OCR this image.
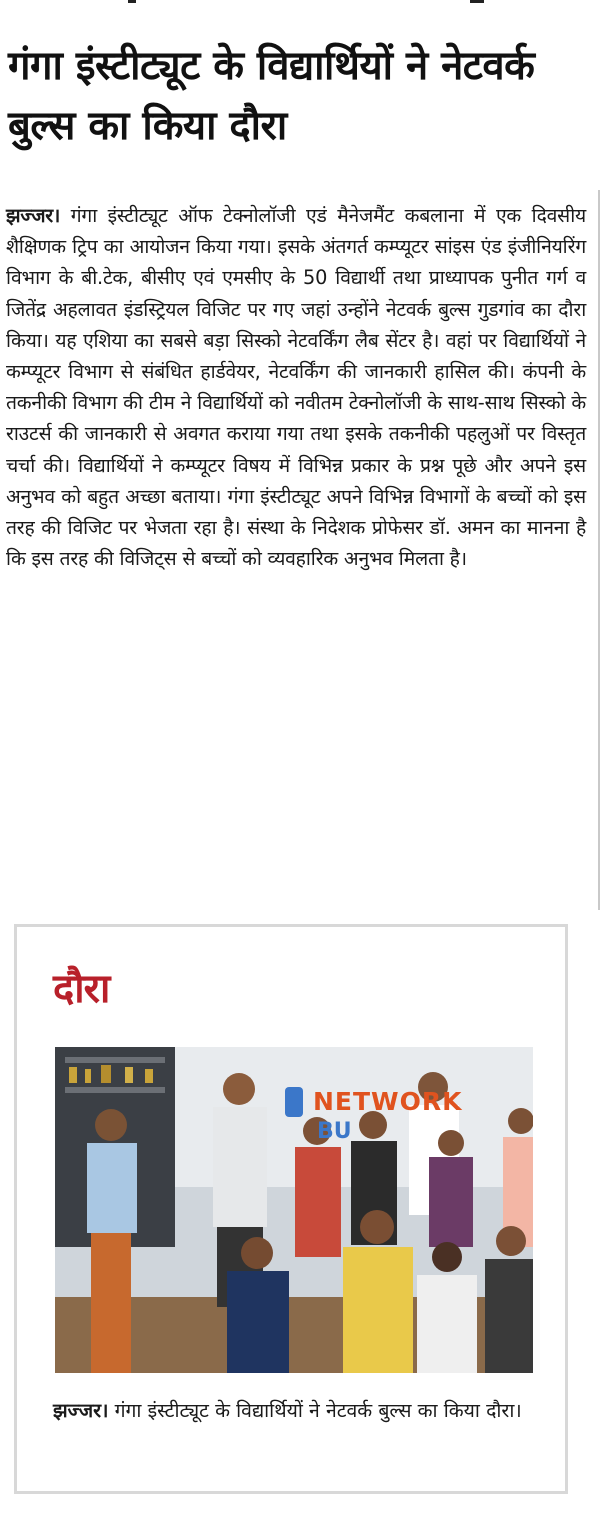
गंगा इंस्टीट्यूट के विद्यार्थियों ने नेटवर्क बुल्स का किया दौरा
झज्जर। गंगा इंस्टीट्यूट ऑफ टेक्नोलॉजी एडं मैनेजमैंट कबलाना में एक दिवसीय शैक्षिणक ट्रिप का आयोजन किया गया। इसके अंतगर्त कम्प्यूटर सांइस एंड इंजीनियरिंग विभाग के बी.टेक, बीसीए एवं एमसीए के 50 विद्यार्थी तथा प्राध्यापक पुनीत गर्ग व जितेंद्र अहलावत इंडस्ट्रियल विजिट पर गए जहां उन्होंने नेटवर्क बुल्स गुडगांव का दौरा किया। यह एशिया का सबसे बड़ा सिस्को नेटवर्किंग लैब सेंटर है। वहां पर विद्यार्थियों ने कम्प्यूटर विभाग से संबंधित हार्डवेयर, नेटवर्किंग की जानकारी हासिल की। कंपनी के तकनीकी विभाग की टीम ने विद्यार्थियों को नवीतम टेक्नोलॉजी के साथ-साथ सिस्को के राउटर्स की जानकारी से अवगत कराया गया तथा इसके तकनीकी पहलुओं पर विस्तृत चर्चा की। विद्यार्थियों ने कम्प्यूटर विषय में विभिन्न प्रकार के प्रश्न पूछे और अपने इस अनुभव को बहुत अच्छा बताया। गंगा इंस्टीट्यूट अपने विभिन्न विभागों के बच्चों को इस तरह की विजिट पर भेजता रहा है। संस्था के निदेशक प्रोफेसर डॉ. अमन का मानना है कि इस तरह की विजिट्स से बच्चों को व्यवहारिक अनुभव मिलता है।
दौरा
NETWORK
BU
झज्जर। गंगा इंस्टीट्यूट के विद्यार्थियों ने नेटवर्क बुल्स का किया दौरा।
